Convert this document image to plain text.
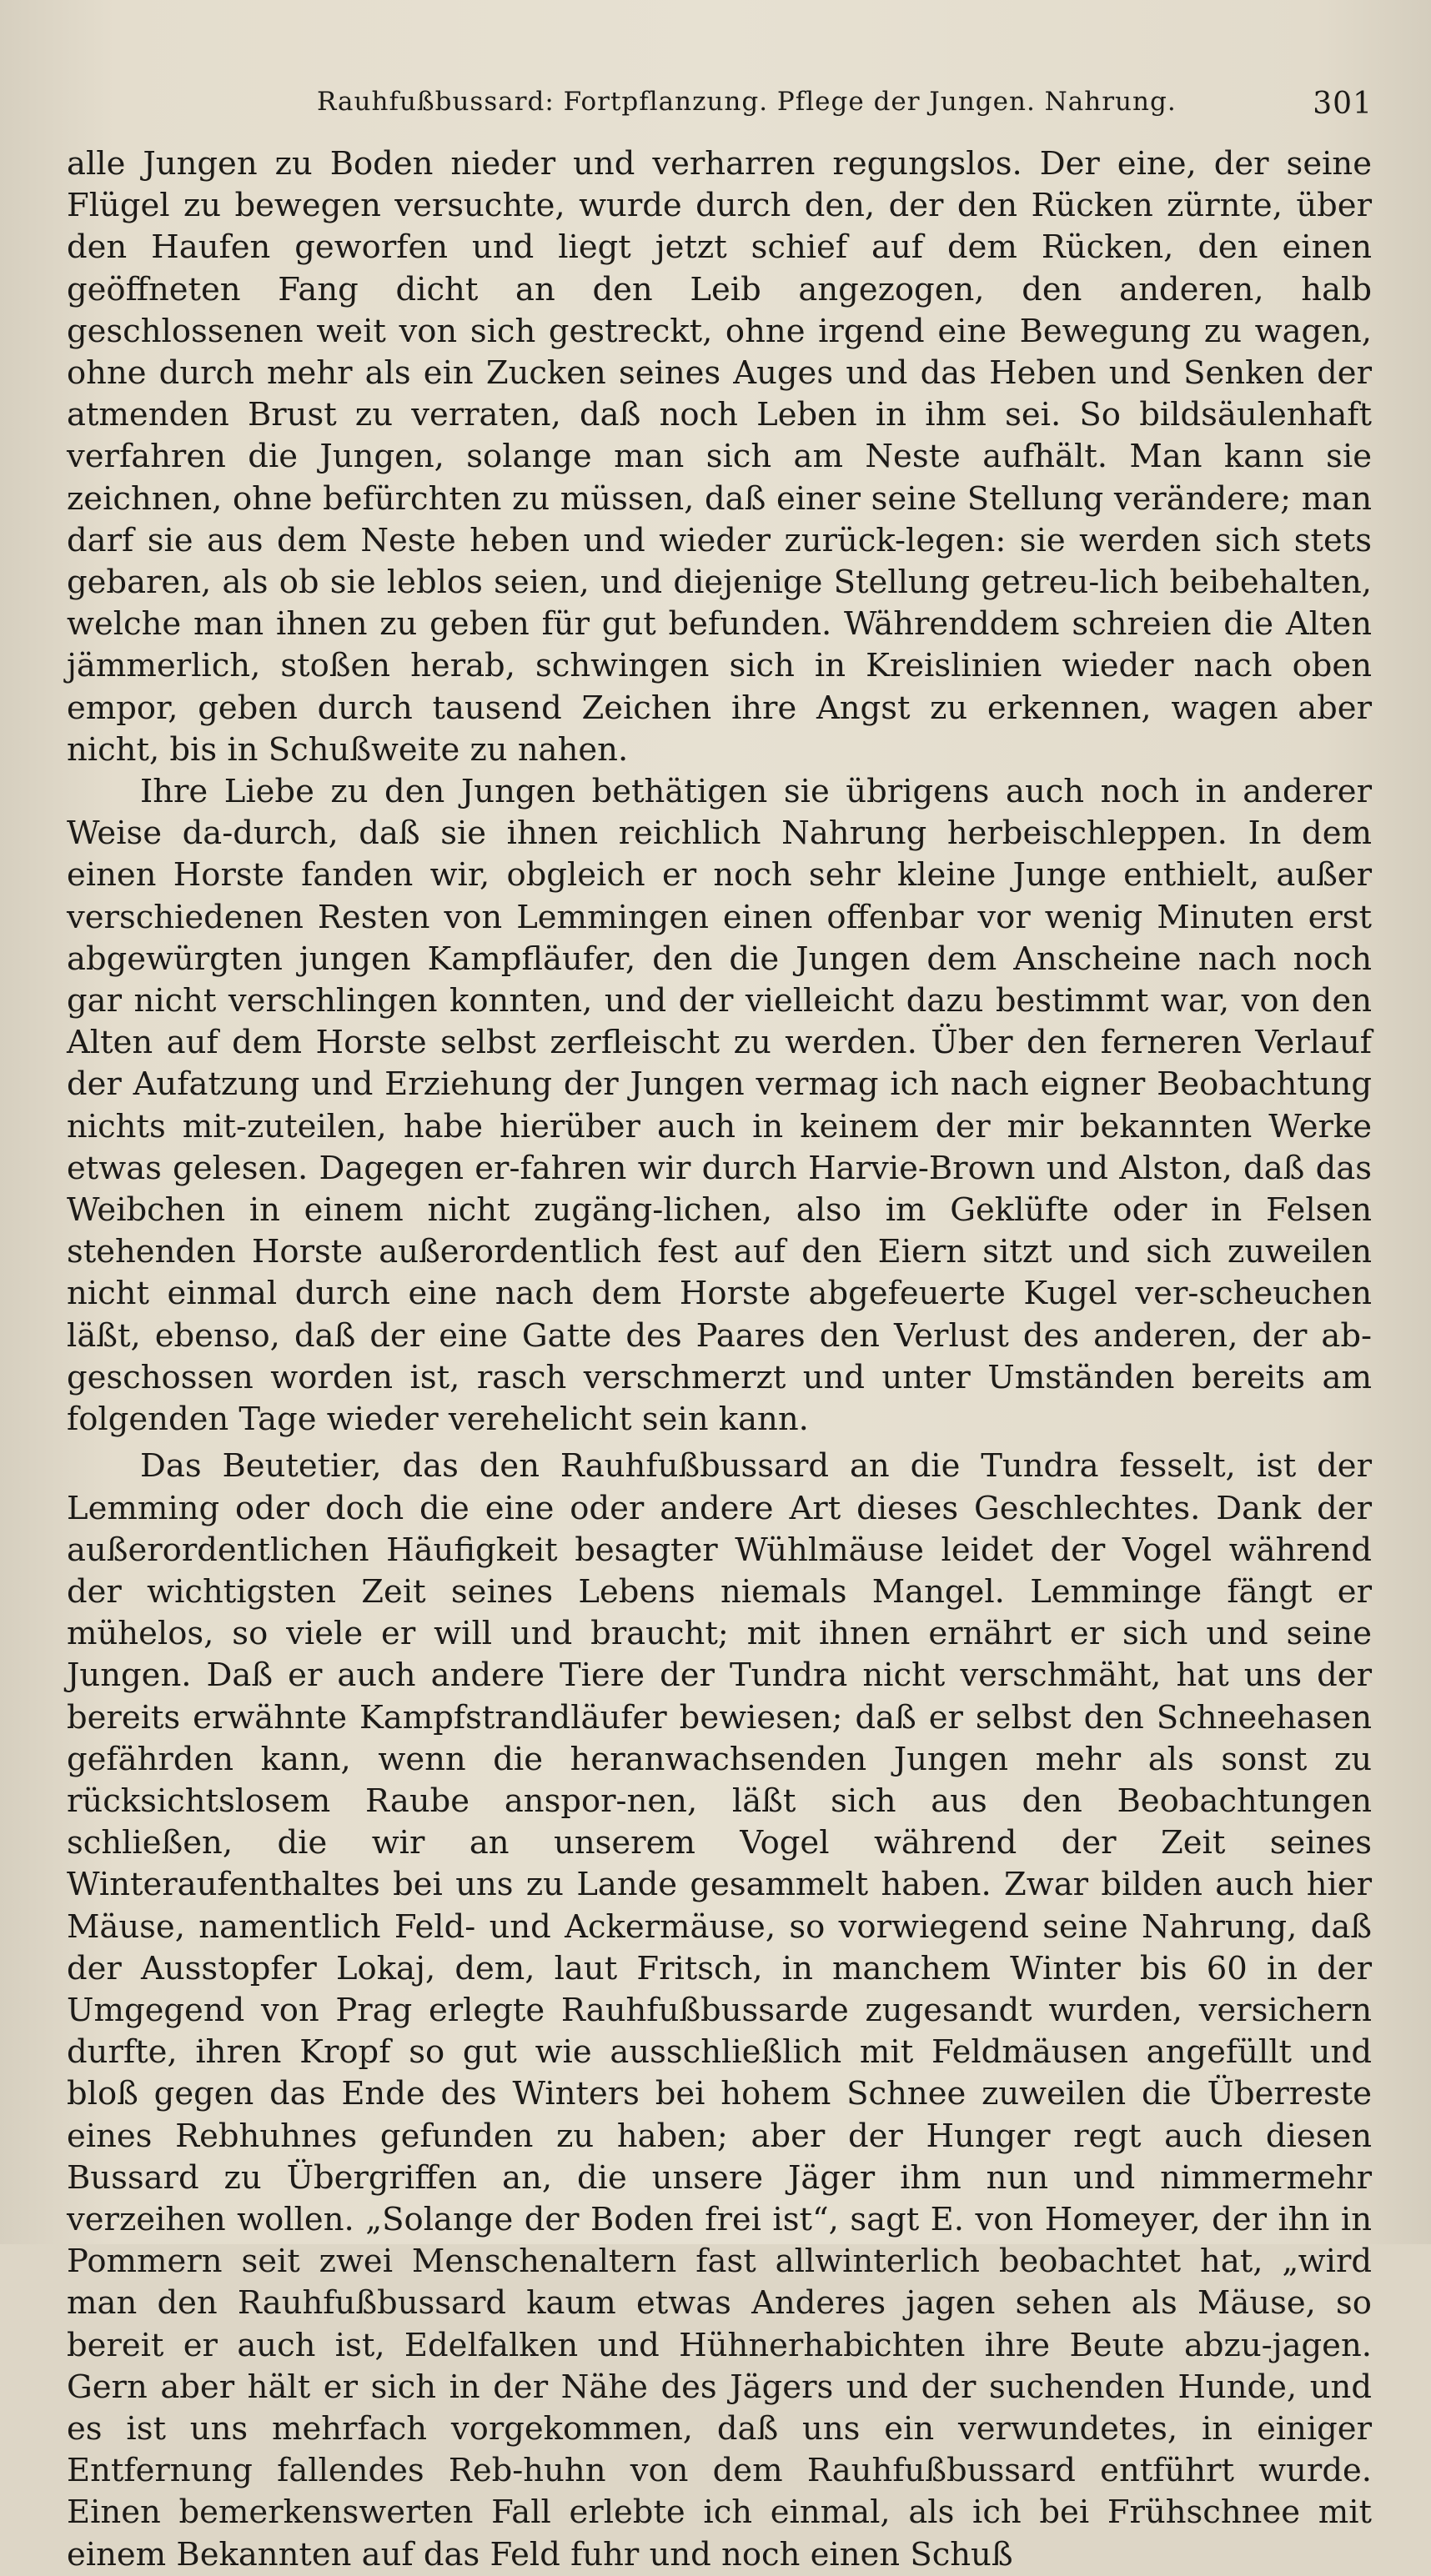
Rauhfußbussard: Fortpflanzung. Pflege der Jungen. Nahrung.	301

alle Jungen zu Boden nieder und verharren regungslos. Der eine, der seine Flügel zu bewegen versuchte, wurde durch den, der den Rücken zürnte, über den Haufen geworfen und liegt jetzt schief auf dem Rücken, den einen geöffneten Fang dicht an den Leib angezogen, den anderen, halb geschlossenen weit von sich gestreckt, ohne irgend eine Bewegung zu wagen, ohne durch mehr als ein Zucken seines Auges und das Heben und Senken der atmenden Brust zu verraten, daß noch Leben in ihm sei. So bildsäulenhaft verfahren die Jungen, solange man sich am Neste aufhält. Man kann sie zeichnen, ohne befürchten zu müssen, daß einer seine Stellung veränderе; man darf sie aus dem Neste heben und wieder zurück-legen: sie werden sich stets gebaren, als ob sie leblos seien, und diejenige Stellung getreu-lich beibehalten, welche man ihnen zu geben für gut befunden. Währenddem schreien die Alten jämmerlich, stoßen herab, schwingen sich in Kreislinien wieder nach oben empor, geben durch tausend Zeichen ihre Angst zu erkennen, wagen aber nicht, bis in Schußweite zu nahen.

Ihre Liebe zu den Jungen bethätigen sie übrigens auch noch in anderer Weise da-durch, daß sie ihnen reichlich Nahrung herbeischleppen. In dem einen Horste fanden wir, obgleich er noch sehr kleine Junge enthielt, außer verschiedenen Resten von Lemmingen einen offenbar vor wenig Minuten erst abgewürgten jungen Kampfläufer, den die Jungen dem Anscheine nach noch gar nicht verschlingen konnten, und der vielleicht dazu bestimmt war, von den Alten auf dem Horste selbst zerfleischt zu werden. Über den ferneren Verlauf der Aufatzung und Erziehung der Jungen vermag ich nach eigner Beobachtung nichts mit-zuteilen, habe hierüber auch in keinem der mir bekannten Werke etwas gelesen. Dagegen er-fahren wir durch Harvie-Brown und Alston, daß das Weibchen in einem nicht zugäng-lichen, also im Geklüfte oder in Felsen stehenden Horste außerordentlich fest auf den Eiern sitzt und sich zuweilen nicht einmal durch eine nach dem Horste abgefeuerte Kugel ver-scheuchen läßt, ebenso, daß der eine Gatte des Paares den Verlust des anderen, der ab-geschossen worden ist, rasch verschmerzt und unter Umständen bereits am folgenden Tage wieder verehelicht sein kann.

Das Beutetier, das den Rauhfußbussard an die Tundra fesselt, ist der Lemming oder doch die eine oder andere Art dieses Geschlechtes. Dank der außerordentlichen Häufigkeit besagter Wühlmäuse leidet der Vogel während der wichtigsten Zeit seines Lebens niemals Mangel. Lemminge fängt er mühelos, so viele er will und braucht; mit ihnen ernährt er sich und seine Jungen. Daß er auch andere Tiere der Tundra nicht verschmäht, hat uns der bereits erwähnte Kampfstrandläufer bewiesen; daß er selbst den Schneehasen gefährden kann, wenn die heranwachsenden Jungen mehr als sonst zu rücksichtslosem Raube anspor-nen, läßt sich aus den Beobachtungen schließen, die wir an unserem Vogel während der Zeit seines Winteraufenthaltes bei uns zu Lande gesammelt haben. Zwar bilden auch hier Mäuse, namentlich Feld- und Ackermäuse, so vorwiegend seine Nahrung, daß der Ausstopfer Lokaj, dem, laut Fritsch, in manchem Winter bis 60 in der Umgegend von Prag erlegte Rauhfußbussarde zugesandt wurden, versichern durfte, ihren Kropf so gut wie ausschließlich mit Feldmäusen angefüllt und bloß gegen das Ende des Winters bei hohem Schnee zuweilen die Überreste eines Rebhuhnes gefunden zu haben; aber der Hunger regt auch diesen Bussard zu Übergriffen an, die unsere Jäger ihm nun und nimmermehr verzeihen wollen. „Solange der Boden frei ist“, sagt E. von Homeyer, der ihn in Pommern seit zwei Menschenaltern fast allwinterlich beobachtet hat, „wird man den Rauhfußbussard kaum etwas Anderes jagen sehen als Mäuse, so bereit er auch ist, Edelfalken und Hühnerhabichten ihre Beute abzu-jagen. Gern aber hält er sich in der Nähe des Jägers und der suchenden Hunde, und es ist uns mehrfach vorgekommen, daß uns ein verwundetes, in einiger Entfernung fallendes Reb-huhn von dem Rauhfußbussard entführt wurde. Einen bemerkenswerten Fall erlebte ich einmal, als ich bei Frühschnee mit einem Bekannten auf das Feld fuhr und noch einen Schuß
